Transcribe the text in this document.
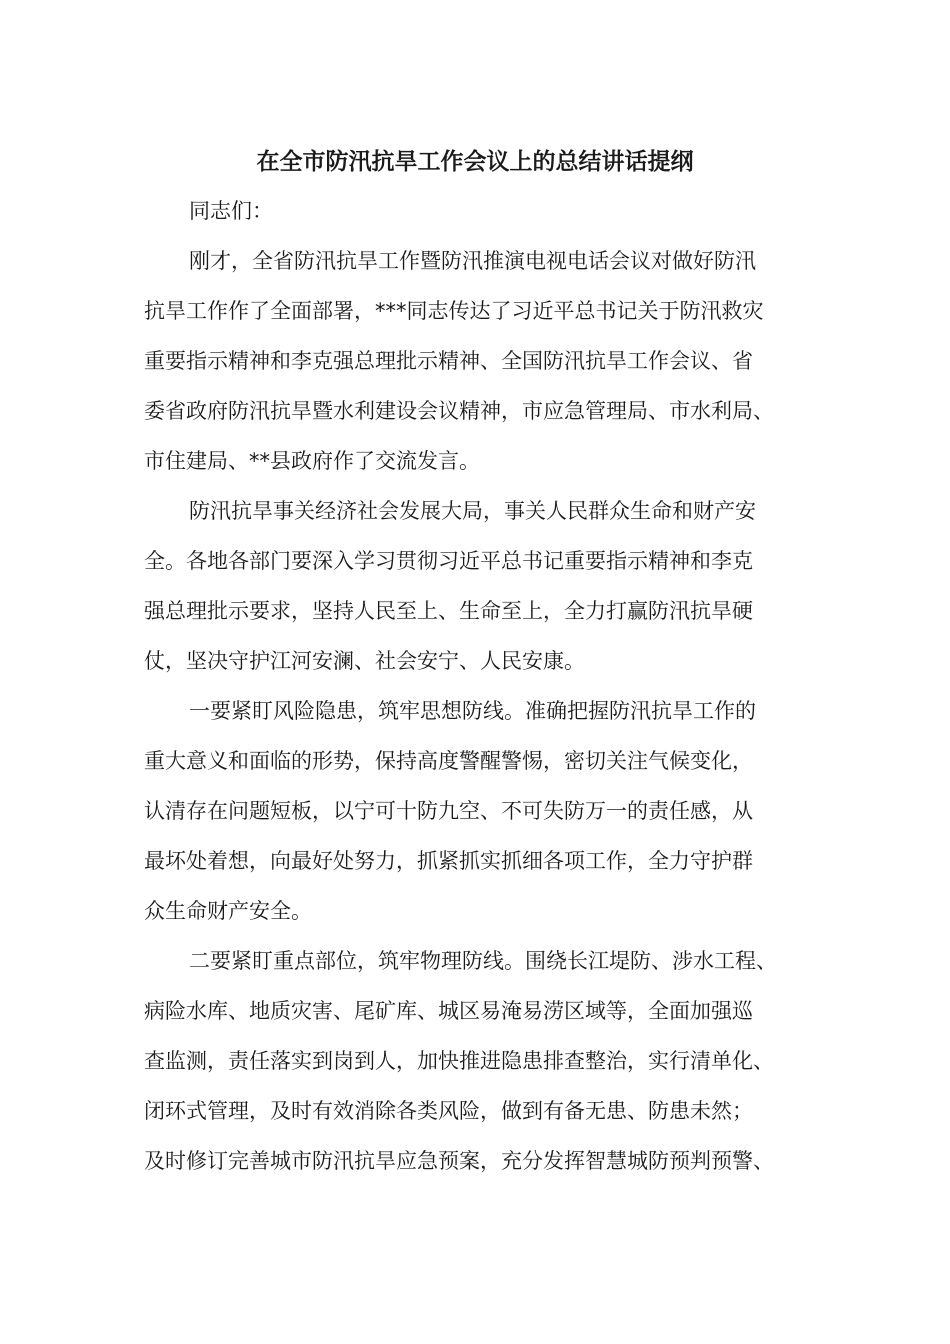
在全市防汛抗旱工作会议上的总结讲话提纲
同志们：
刚才，全省防汛抗旱工作暨防汛推演电视电话会议对做好防汛
抗旱工作作了全面部署，***同志传达了习近平总书记关于防汛救灾
重要指示精神和李克强总理批示精神、全国防汛抗旱工作会议、省
委省政府防汛抗旱暨水利建设会议精神，市应急管理局、市水利局、
市住建局、**县政府作了交流发言。
防汛抗旱事关经济社会发展大局，事关人民群众生命和财产安
全。各地各部门要深入学习贯彻习近平总书记重要指示精神和李克
强总理批示要求，坚持人民至上、生命至上，全力打赢防汛抗旱硬
仗，坚决守护江河安澜、社会安宁、人民安康。
一要紧盯风险隐患，筑牢思想防线。准确把握防汛抗旱工作的
重大意义和面临的形势，保持高度警醒警惕，密切关注气候变化，
认清存在问题短板，以宁可十防九空、不可失防万一的责任感，从
最坏处着想，向最好处努力，抓紧抓实抓细各项工作，全力守护群
众生命财产安全。
二要紧盯重点部位，筑牢物理防线。围绕长江堤防、涉水工程、
病险水库、地质灾害、尾矿库、城区易淹易涝区域等，全面加强巡
查监测，责任落实到岗到人，加快推进隐患排查整治，实行清单化、
闭环式管理，及时有效消除各类风险，做到有备无患、防患未然；
及时修订完善城市防汛抗旱应急预案，充分发挥智慧城防预判预警、
